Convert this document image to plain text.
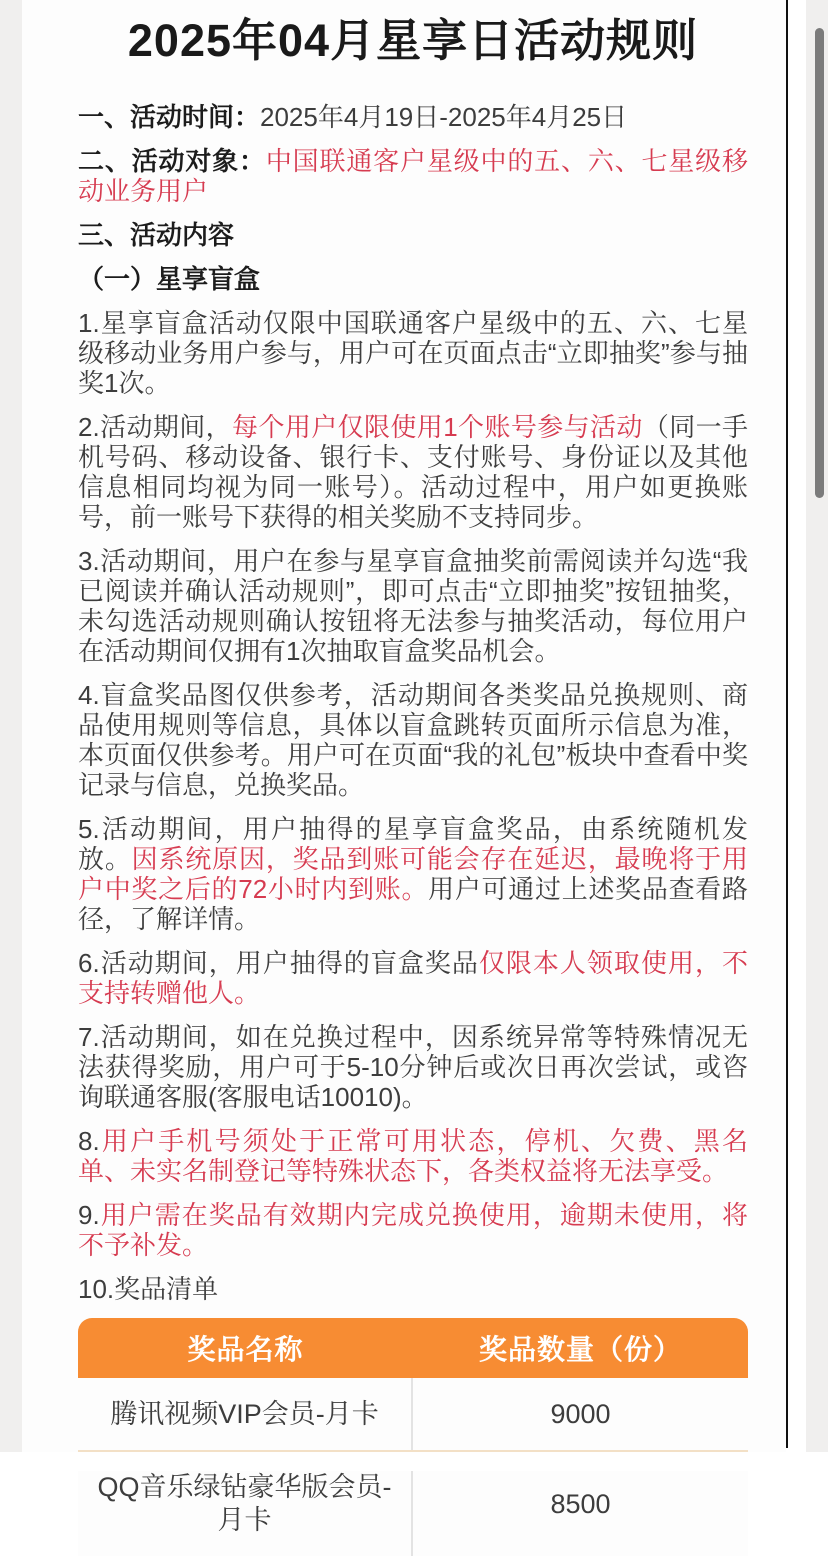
2025年04月星享日活动规则

一、活动时间：2025年4月19日-2025年4月25日

二、活动对象：中国联通客户星级中的五、六、七星级移动业务用户

三、活动内容

（一）星享盲盒

1.星享盲盒活动仅限中国联通客户星级中的五、六、七星级移动业务用户参与，用户可在页面点击“立即抽奖”参与抽奖1次。

2.活动期间，每个用户仅限使用1个账号参与活动（同一手机号码、移动设备、银行卡、支付账号、身份证以及其他信息相同均视为同一账号）。活动过程中，用户如更换账号，前一账号下获得的相关奖励不支持同步。

3.活动期间，用户在参与星享盲盒抽奖前需阅读并勾选“我已阅读并确认活动规则”，即可点击“立即抽奖”按钮抽奖，未勾选活动规则确认按钮将无法参与抽奖活动，每位用户在活动期间仅拥有1次抽取盲盒奖品机会。

4.盲盒奖品图仅供参考，活动期间各类奖品兑换规则、商品使用规则等信息，具体以盲盒跳转页面所示信息为准，本页面仅供参考。用户可在页面“我的礼包”板块中查看中奖记录与信息，兑换奖品。

5.活动期间，用户抽得的星享盲盒奖品，由系统随机发放。因系统原因，奖品到账可能会存在延迟，最晚将于用户中奖之后的72小时内到账。用户可通过上述奖品查看路径，了解详情。

6.活动期间，用户抽得的盲盒奖品仅限本人领取使用，不支持转赠他人。

7.活动期间，如在兑换过程中，因系统异常等特殊情况无法获得奖励，用户可于5-10分钟后或次日再次尝试，或咨询联通客服(客服电话10010)。

8.用户手机号须处于正常可用状态，停机、欠费、黑名单、未实名制登记等特殊状态下，各类权益将无法享受。

9.用户需在奖品有效期内完成兑换使用，逾期未使用，将不予补发。

10.奖品清单

奖品名称	奖品数量（份）
腾讯视频VIP会员-月卡	9000
QQ音乐绿钻豪华版会员-月卡
8500
